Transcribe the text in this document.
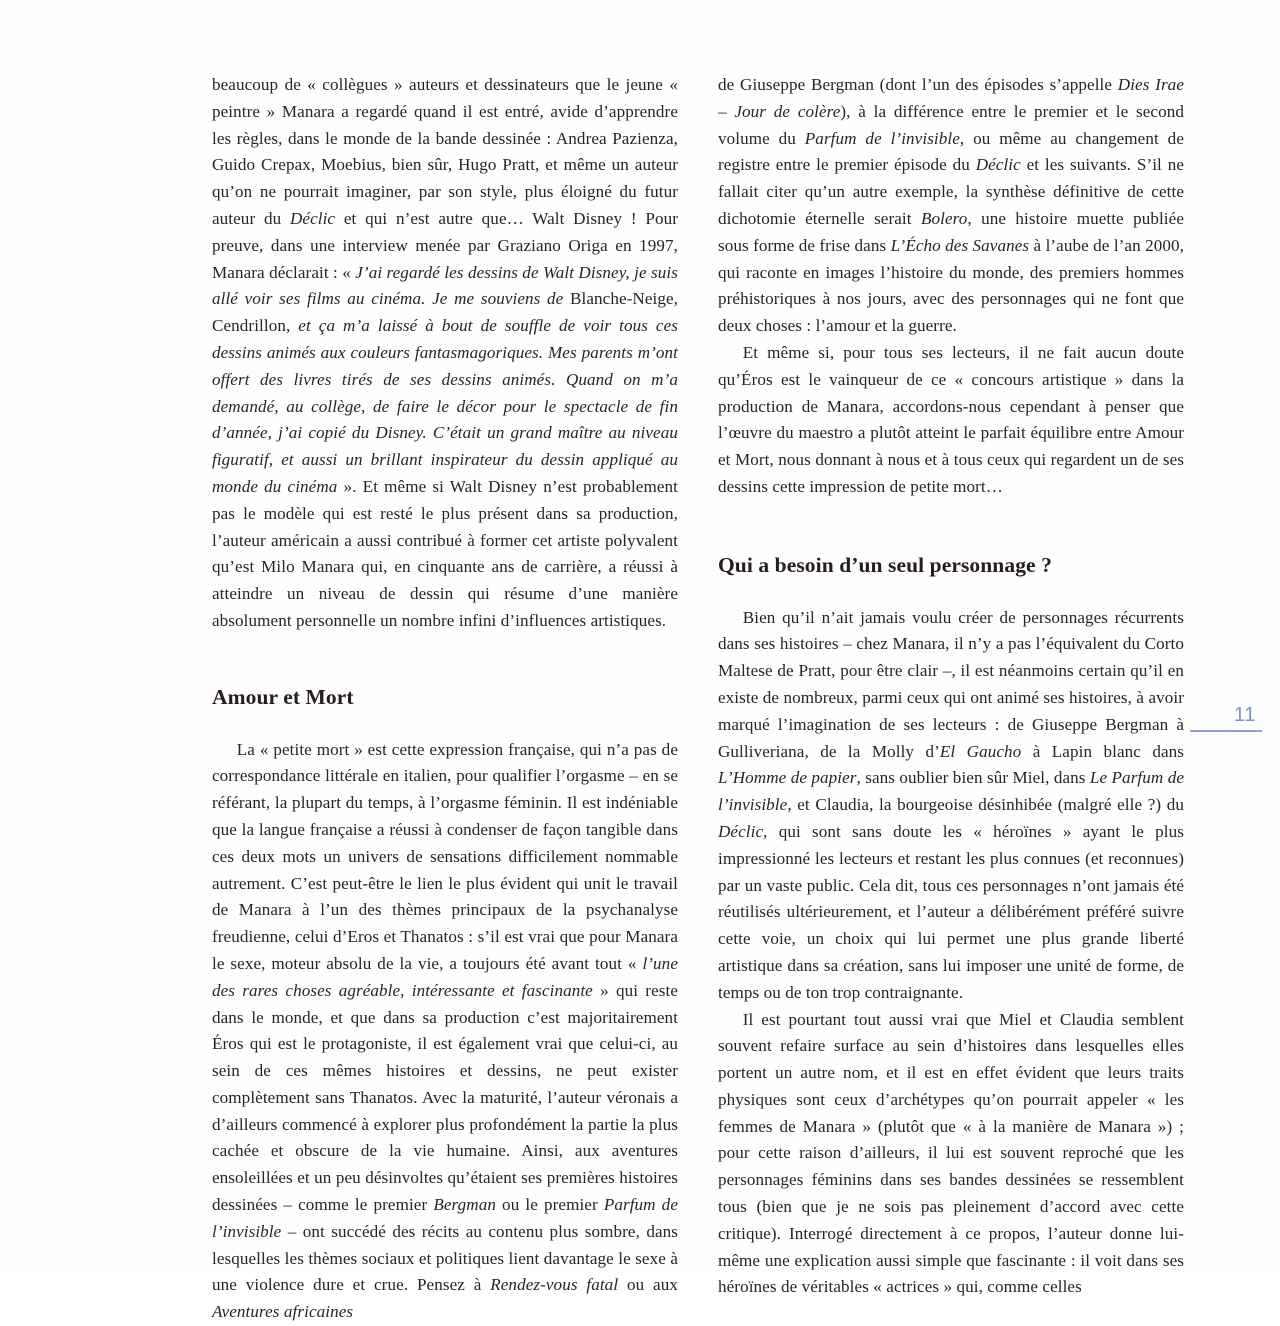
beaucoup de « collègues » auteurs et dessinateurs que le jeune « peintre » Manara a regardé quand il est entré, avide d’apprendre les règles, dans le monde de la bande dessinée : Andrea Pazienza, Guido Crepax, Moebius, bien sûr, Hugo Pratt, et même un auteur qu’on ne pourrait imaginer, par son style, plus éloigné du futur auteur du Déclic et qui n’est autre que… Walt Disney ! Pour preuve, dans une interview menée par Graziano Origa en 1997, Manara déclarait : « J’ai regardé les dessins de Walt Disney, je suis allé voir ses films au cinéma. Je me souviens de Blanche-Neige, Cendrillon, et ça m’a laissé à bout de souffle de voir tous ces dessins animés aux couleurs fantasmagoriques. Mes parents m’ont offert des livres tirés de ses dessins animés. Quand on m’a demandé, au collège, de faire le décor pour le spectacle de fin d’année, j’ai copié du Disney. C’était un grand maître au niveau figuratif, et aussi un brillant inspirateur du dessin appliqué au monde du cinéma ». Et même si Walt Disney n’est probablement pas le modèle qui est resté le plus présent dans sa production, l’auteur américain a aussi contribué à former cet artiste polyvalent qu’est Milo Manara qui, en cinquante ans de carrière, a réussi à atteindre un niveau de dessin qui résume d’une manière absolument personnelle un nombre infini d’influences artistiques.

Amour et Mort

La « petite mort » est cette expression française, qui n’a pas de correspondance littérale en italien, pour qualifier l’orgasme – en se référant, la plupart du temps, à l’orgasme féminin. Il est indéniable que la langue française a réussi à condenser de façon tangible dans ces deux mots un univers de sensations difficilement nommable autrement. C’est peut-être le lien le plus évident qui unit le travail de Manara à l’un des thèmes principaux de la psychanalyse freudienne, celui d’Eros et Thanatos : s’il est vrai que pour Manara le sexe, moteur absolu de la vie, a toujours été avant tout « l’une des rares choses agréable, intéressante et fascinante » qui reste dans le monde, et que dans sa production c’est majoritairement Éros qui est le protagoniste, il est également vrai que celui-ci, au sein de ces mêmes histoires et dessins, ne peut exister complètement sans Thanatos. Avec la maturité, l’auteur véronais a d’ailleurs commencé à explorer plus profondément la partie la plus cachée et obscure de la vie humaine. Ainsi, aux aventures ensoleillées et un peu désinvoltes qu’étaient ses premières histoires dessinées – comme le premier Bergman ou le premier Parfum de l’invisible – ont succédé des récits au contenu plus sombre, dans lesquelles les thèmes sociaux et politiques lient davantage le sexe à une violence dure et crue. Pensez à Rendez-vous fatal ou aux Aventures africaines

de Giuseppe Bergman (dont l’un des épisodes s’appelle Dies Irae – Jour de colère), à la différence entre le premier et le second volume du Parfum de l’invisible, ou même au changement de registre entre le premier épisode du Déclic et les suivants. S’il ne fallait citer qu’un autre exemple, la synthèse définitive de cette dichotomie éternelle serait Bolero, une histoire muette publiée sous forme de frise dans L’Écho des Savanes à l’aube de l’an 2000, qui raconte en images l’histoire du monde, des premiers hommes préhistoriques à nos jours, avec des personnages qui ne font que deux choses : l’amour et la guerre.

Et même si, pour tous ses lecteurs, il ne fait aucun doute qu’Éros est le vainqueur de ce « concours artistique » dans la production de Manara, accordons-nous cependant à penser que l’œuvre du maestro a plutôt atteint le parfait équilibre entre Amour et Mort, nous donnant à nous et à tous ceux qui regardent un de ses dessins cette impression de petite mort…

Qui a besoin d’un seul personnage ?

Bien qu’il n’ait jamais voulu créer de personnages récurrents dans ses histoires – chez Manara, il n’y a pas l’équivalent du Corto Maltese de Pratt, pour être clair –, il est néanmoins certain qu’il en existe de nombreux, parmi ceux qui ont animé ses histoires, à avoir marqué l’imagination de ses lecteurs : de Giuseppe Bergman à Gulliveriana, de la Molly d’El Gaucho à Lapin blanc dans L’Homme de papier, sans oublier bien sûr Miel, dans Le Parfum de l’invisible, et Claudia, la bourgeoise désinhibée (malgré elle ?) du Déclic, qui sont sans doute les « héroïnes » ayant le plus impressionné les lecteurs et restant les plus connues (et reconnues) par un vaste public. Cela dit, tous ces personnages n’ont jamais été réutilisés ultérieurement, et l’auteur a délibérément préféré suivre cette voie, un choix qui lui permet une plus grande liberté artistique dans sa création, sans lui imposer une unité de forme, de temps ou de ton trop contraignante.

Il est pourtant tout aussi vrai que Miel et Claudia semblent souvent refaire surface au sein d’histoires dans lesquelles elles portent un autre nom, et il est en effet évident que leurs traits physiques sont ceux d’archétypes qu’on pourrait appeler « les femmes de Manara » (plutôt que « à la manière de Manara ») ; pour cette raison d’ailleurs, il lui est souvent reproché que les personnages féminins dans ses bandes dessinées se ressemblent tous (bien que je ne sois pas pleinement d’accord avec cette critique). Interrogé directement à ce propos, l’auteur donne lui-même une explication aussi simple que fascinante : il voit dans ses héroïnes de véritables « actrices » qui, comme celles

11
